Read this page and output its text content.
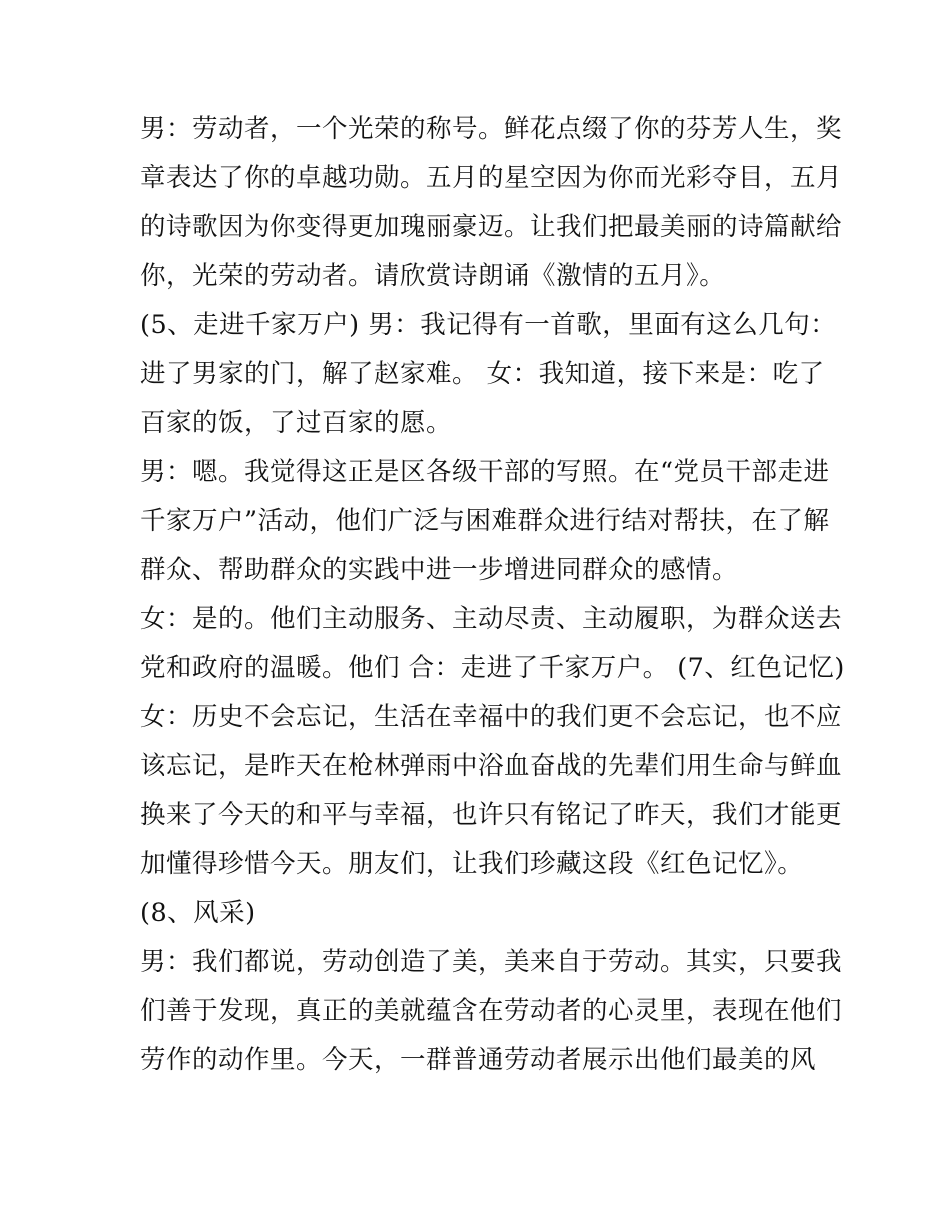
男：劳动者，一个光荣的称号。鲜花点缀了你的芬芳人生，奖
章表达了你的卓越功勋。五月的星空因为你而光彩夺目，五月
的诗歌因为你变得更加瑰丽豪迈。让我们把最美丽的诗篇献给
你，光荣的劳动者。请欣赏诗朗诵《激情的五月》。
(5、走进千家万户) 男：我记得有一首歌，里面有这么几句：
进了男家的门，解了赵家难。 女：我知道，接下来是：吃了
百家的饭，了过百家的愿。
男：嗯。我觉得这正是区各级干部的写照。在“党员干部走进
千家万户”活动，他们广泛与困难群众进行结对帮扶，在了解
群众、帮助群众的实践中进一步增进同群众的感情。
女：是的。他们主动服务、主动尽责、主动履职，为群众送去
党和政府的温暖。他们 合：走进了千家万户。 (7、红色记忆)
女：历史不会忘记，生活在幸福中的我们更不会忘记，也不应
该忘记，是昨天在枪林弹雨中浴血奋战的先辈们用生命与鲜血
换来了今天的和平与幸福，也许只有铭记了昨天，我们才能更
加懂得珍惜今天。朋友们，让我们珍藏这段《红色记忆》。
(8、风采)
男：我们都说，劳动创造了美，美来自于劳动。其实，只要我
们善于发现，真正的美就蕴含在劳动者的心灵里，表现在他们
劳作的动作里。今天，一群普通劳动者展示出他们最美的风
